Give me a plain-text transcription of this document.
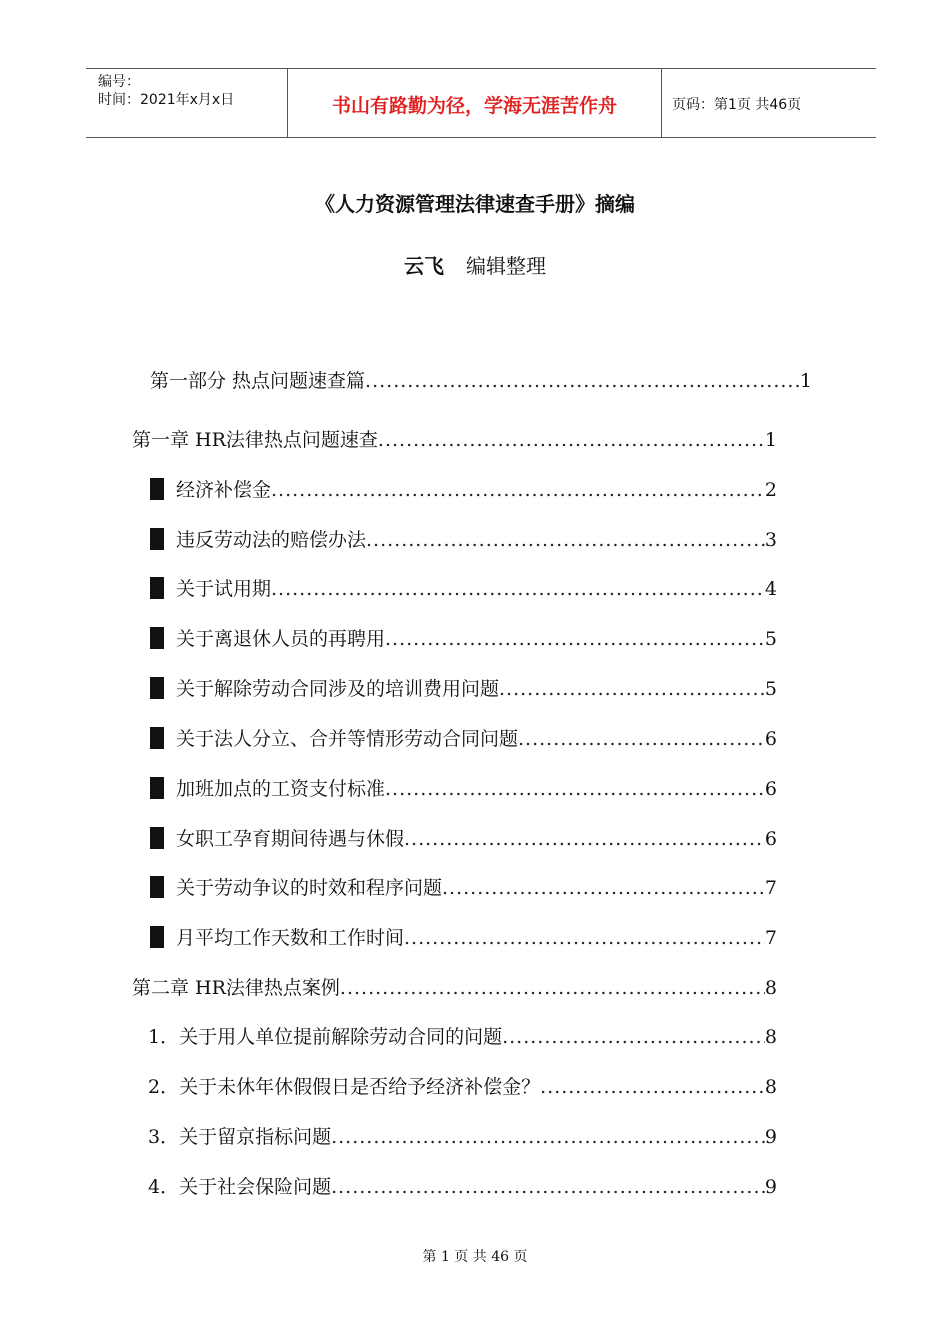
编号：
时间：2021年x月x日	书山有路勤为径，学海无涯苦作舟	页码：第1页 共46页
《人力资源管理法律速查手册》摘编
云飞 编辑整理
第一部分 热点问题速查篇 .....	1
第一章 HR法律热点问题速查 .....	1
经济补偿金 .....	2
违反劳动法的赔偿办法 .....	3
关于试用期 .....	4
关于离退休人员的再聘用 .....	5
关于解除劳动合同涉及的培训费用问题 .....	5
关于法人分立、合并等情形劳动合同问题 .....	6
加班加点的工资支付标准 .....	6
女职工孕育期间待遇与休假 .....	6
关于劳动争议的时效和程序问题 .....	7
月平均工作天数和工作时间 .....	7
第二章 HR法律热点案例 .....	8
1．关于用人单位提前解除劳动合同的问题 .....	8
2．关于未休年休假假日是否给予经济补偿金？ .....	8
3．关于留京指标问题 .....	9
4．关于社会保险问题 .....	9
第 1 页 共 46 页
